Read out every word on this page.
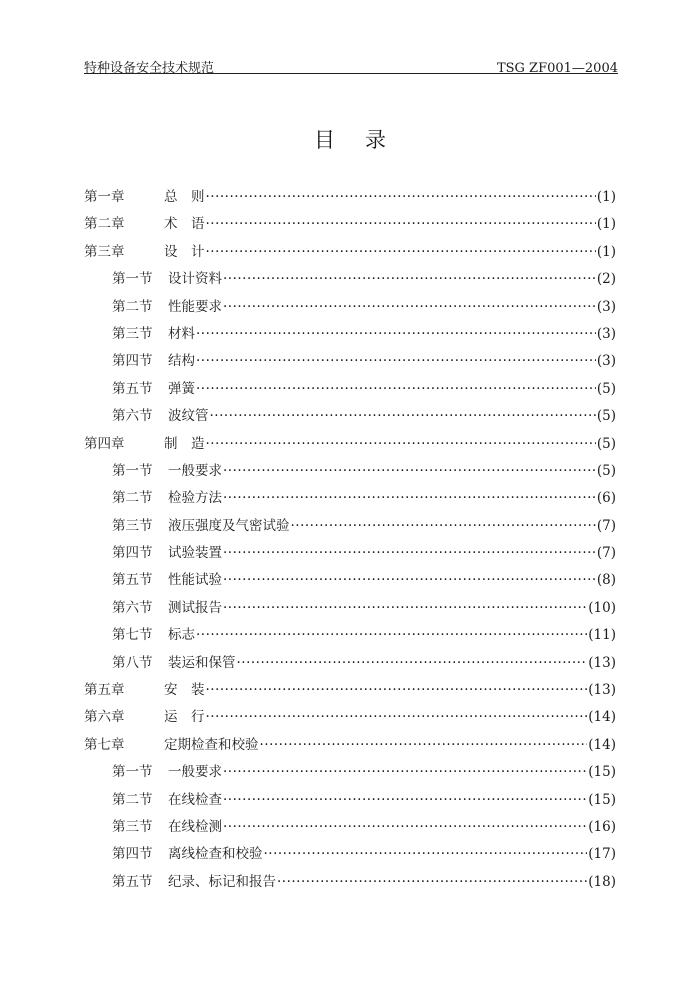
特种设备安全技术规范	TSG ZF001—2004
目录
第一章	总　则 ·····	(1)
第二章	术　语 ·····	(1)
第三章	设　计 ·····	(1)
第一节	设计资料 ·····	(2)
第二节	性能要求 ·····	(3)
第三节	材料 ·····	(3)
第四节	结构 ·····	(3)
第五节	弹簧 ·····	(5)
第六节	波纹管 ·····	(5)
第四章	制　造 ·····	(5)
第一节	一般要求 ·····	(5)
第二节	检验方法 ·····	(6)
第三节	液压强度及气密试验 ·····	(7)
第四节	试验装置 ·····	(7)
第五节	性能试验 ·····	(8)
第六节	测试报告 ·····	(10)
第七节	标志 ·····	(11)
第八节	装运和保管 ·····	(13)
第五章	安　装 ·····	(13)
第六章	运　行 ·····	(14)
第七章	定期检查和校验 ·····	(14)
第一节	一般要求 ·····	(15)
第二节	在线检查 ·····	(15)
第三节	在线检测 ·····	(16)
第四节	离线检查和校验 ·····	(17)
第五节	纪录、标记和报告 ·····	(18)
